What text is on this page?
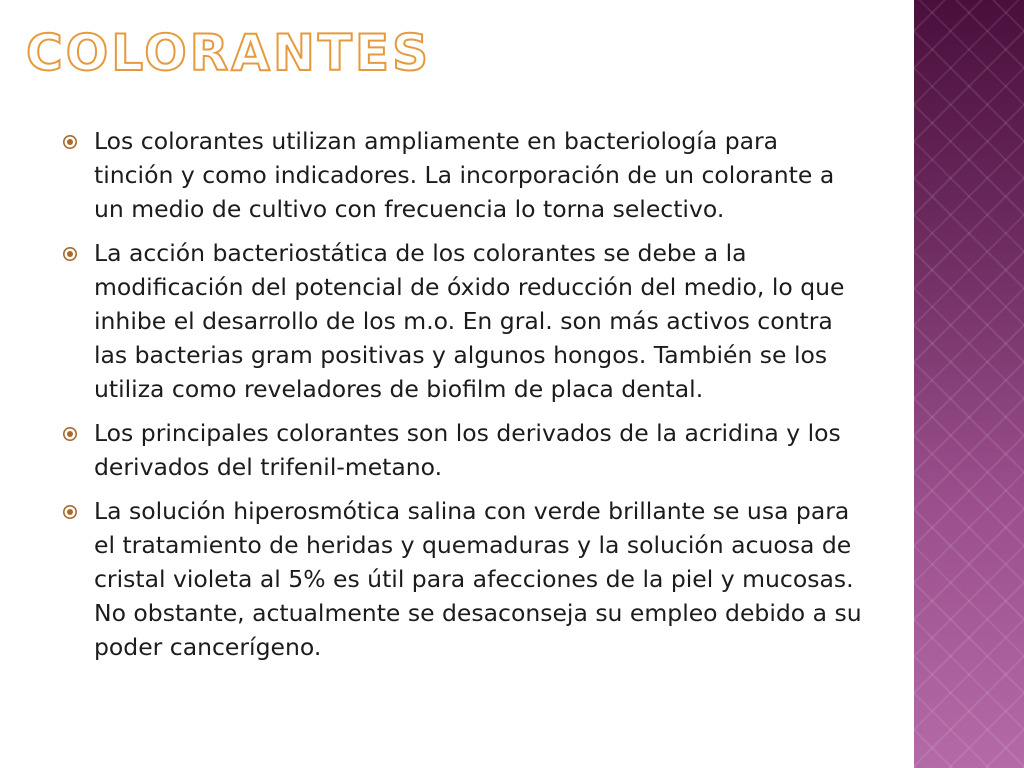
COLORANTES
Los colorantes utilizan ampliamente en bacteriología para tinción y como indicadores. La incorporación de un colorante a un medio de cultivo con frecuencia lo torna selectivo.
La acción bacteriostática de los colorantes se debe a la modificación del potencial de óxido reducción del medio, lo que inhibe el desarrollo de los m.o. En gral. son más activos contra las bacterias gram positivas y algunos hongos. También se los utiliza como reveladores de biofilm de placa dental.
Los principales colorantes son los derivados de la acridina y los derivados del trifenil-metano.
La solución hiperosmótica salina con verde brillante se usa para el tratamiento de heridas y quemaduras y la solución acuosa de cristal violeta al 5% es útil para afecciones de la piel y mucosas. No obstante, actualmente se desaconseja su empleo debido a su poder cancerígeno.
